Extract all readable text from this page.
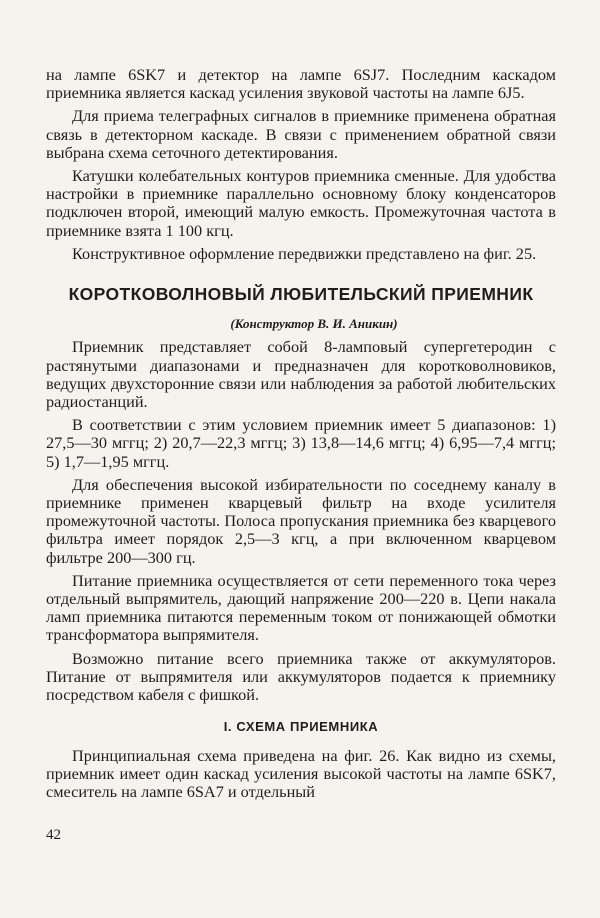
на лампе 6SK7 и детектор на лампе 6SJ7. Последним каскадом приемника является каскад усиления звуковой частоты на лампе 6J5.

Для приема телеграфных сигналов в приемнике применена обратная связь в детекторном каскаде. В связи с применением обратной связи выбрана схема сеточного детектирования.

Катушки колебательных контуров приемника сменные. Для удобства настройки в приемнике параллельно основному блоку конденсаторов подключен второй, имеющий малую емкость. Промежуточная частота в приемнике взята 1 100 кгц.

Конструктивное оформление передвижки представлено на фиг. 25.

КОРОТКОВОЛНОВЫЙ ЛЮБИТЕЛЬСКИЙ ПРИЕМНИК

(Конструктор В. И. Аникин)

Приемник представляет собой 8-ламповый супергетеродин с растянутыми диапазонами и предназначен для коротковолновиков, ведущих двухсторонние связи или наблюдения за работой любительских радиостанций.

В соответствии с этим условием приемник имеет 5 диапазонов: 1) 27,5—30 мггц; 2) 20,7—22,3 мггц; 3) 13,8—14,6 мггц; 4) 6,95—7,4 мггц; 5) 1,7—1,95 мггц.

Для обеспечения высокой избирательности по соседнему каналу в приемнике применен кварцевый фильтр на входе усилителя промежуточной частоты. Полоса пропускания приемника без кварцевого фильтра имеет порядок 2,5—3 кгц, а при включенном кварцевом фильтре 200—300 гц.

Питание приемника осуществляется от сети переменного тока через отдельный выпрямитель, дающий напряжение 200—220 в. Цепи накала ламп приемника питаются переменным током от понижающей обмотки трансформатора выпрямителя.

Возможно питание всего приемника также от аккумуляторов. Питание от выпрямителя или аккумуляторов подается к приемнику посредством кабеля с фишкой.

I. СХЕМА ПРИЕМНИКА

Принципиальная схема приведена на фиг. 26. Как видно из схемы, приемник имеет один каскад усиления высокой частоты на лампе 6SK7, смеситель на лампе 6SA7 и отдельный

42
